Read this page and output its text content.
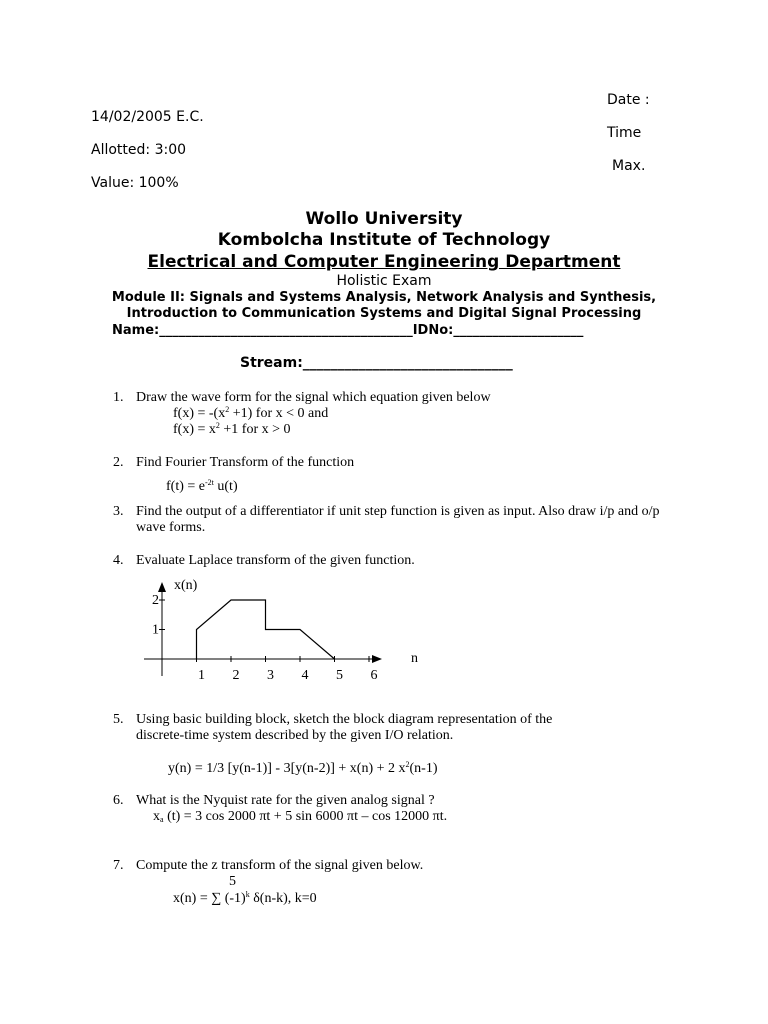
Date :
14/02/2005 E.C.
Time
Allotted: 3:00
Max.
Value: 100%
Wollo University
Kombolcha Institute of Technology
Electrical and Computer Engineering Department
Holistic Exam
Module II: Signals and Systems Analysis, Network Analysis and Synthesis,
Introduction to Communication Systems and Digital Signal Processing
Name:_______________________________________IDNo:____________________
Stream:______________________________
1. Draw the wave form for the signal which equation given below
$f(x) = -(x^2 +1)$ for x < 0 and
$f(x) = x^2 +1$ for x > 0
2. Find Fourier Transform of the function
$f(t) = e^{-2t}$ u(t)
3. Find the output of a differentiator if unit step function is given as input. Also draw i/p and o/p
wave forms.
4. Evaluate Laplace transform of the given function.
1 2 3 4 5 6
1
2
x(n)
n
5. Using basic building block, sketch the block diagram representation of the
discrete-time system described by the given I/O relation.
y(n) = 1/3 [y(n-1)] - 3[y(n-2)] + x(n) + 2 $x^2(n-1)$
6. What is the Nyquist rate for the given analog signal ?
$x_a$ (t) = 3 cos 2000 πt + 5 sin 6000 πt – cos 12000 πt.
7. Compute the z transform of the signal given below.
5
x(n) = ∑ $(-1)^k$ δ(n-k), k=0
